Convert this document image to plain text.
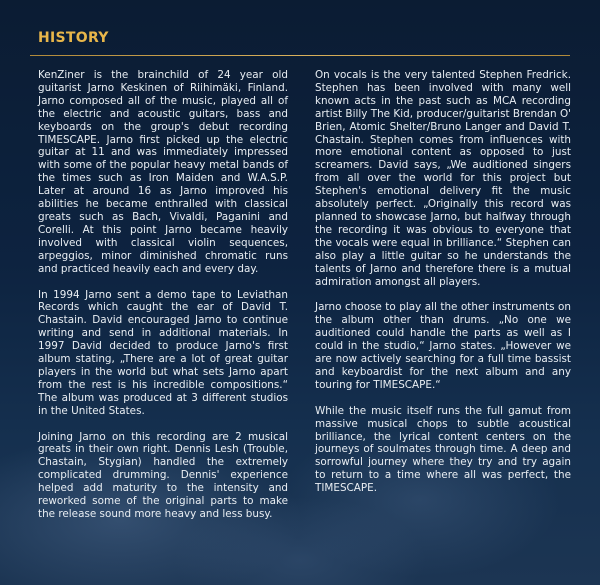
HISTORY

KenZiner is the brainchild of 24 year old guitarist Jarno Keskinen of Riihimäki, Finland. Jarno composed all of the music, played all of the electric and acoustic guitars, bass and keyboards on the group's debut recording TIMESCAPE. Jarno first picked up the electric guitar at 11 and was immediately impressed with some of the popular heavy metal bands of the times such as Iron Maiden and W.A.S.P. Later at around 16 as Jarno improved his abilities he became enthralled with classical greats such as Bach, Vivaldi, Paganini and Corelli. At this point Jarno became heavily involved with classical violin sequences, arpeggios, minor diminished chromatic runs and practiced heavily each and every day.

In 1994 Jarno sent a demo tape to Leviathan Records which caught the ear of David T. Chastain. David encouraged Jarno to continue writing and send in additional materials. In 1997 David decided to produce Jarno's first album stating, „There are a lot of great guitar players in the world but what sets Jarno apart from the rest is his incredible compositions.“ The album was produced at 3 different studios in the United States.

Joining Jarno on this recording are 2 musical greats in their own right. Dennis Lesh (Trouble, Chastain, Stygian) handled the extremely complicated drumming. Dennis' experience helped add maturity to the intensity and reworked some of the original parts to make the release sound more heavy and less busy.

On vocals is the very talented Stephen Fredrick. Stephen has been involved with many well known acts in the past such as MCA recording artist Billy The Kid, producer/guitarist Brendan O' Brien, Atomic Shelter/Bruno Langer and David T. Chastain. Stephen comes from influences with more emotional content as opposed to just screamers. David says, „We auditioned singers from all over the world for this project but Stephen's emotional delivery fit the music absolutely perfect. „Originally this record was planned to showcase Jarno, but halfway through the recording it was obvious to everyone that the vocals were equal in brilliance.“ Stephen can also play a little guitar so he understands the talents of Jarno and therefore there is a mutual admiration amongst all players.

Jarno choose to play all the other instruments on the album other than drums. „No one we auditioned could handle the parts as well as I could in the studio,“ Jarno states. „However we are now actively searching for a full time bassist and keyboardist for the next album and any touring for TIMESCAPE.“

While the music itself runs the full gamut from massive musical chops to subtle acoustical brilliance, the lyrical content centers on the journeys of soulmates through time. A deep and sorrowful journey where they try and try again to return to a time where all was perfect, the TIMESCAPE.
